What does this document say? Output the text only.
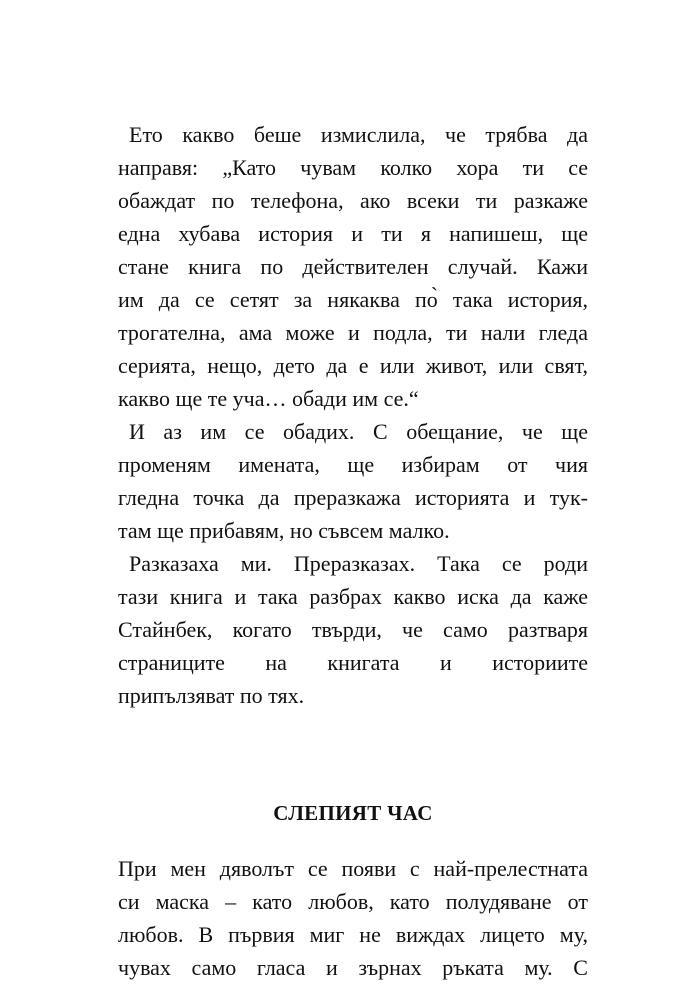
Ето какво беше измислила, че трябва да
направя: „Като чувам колко хора ти се
обаждат по телефона, ако всеки ти разкаже
една хубава история и ти я напишеш, ще
стане книга по действителен случай. Кажи
им да се сетят за някаква по̀ така история,
трогателна, ама може и подла, ти нали гледа
серията, нещо, дето да е или живот, или свят,
какво ще те уча… обади им се.“
И аз им се обадих. С обещание, че ще
променям имената, ще избирам от чия
гледна точка да преразкажа историята и тук-
там ще прибавям, но съвсем малко.
Разказаха ми. Преразказах. Така се роди
тази книга и така разбрах какво иска да каже
Стайнбек, когато твърди, че само разтваря
страниците на книгата и историите
припълзяват по тях.
СЛЕПИЯТ ЧАС
При мен дяволът се появи с най-прелестната
си маска – като любов, като полудяване от
любов. В първия миг не виждах лицето му,
чувах само гласа и зърнах ръката му. С
